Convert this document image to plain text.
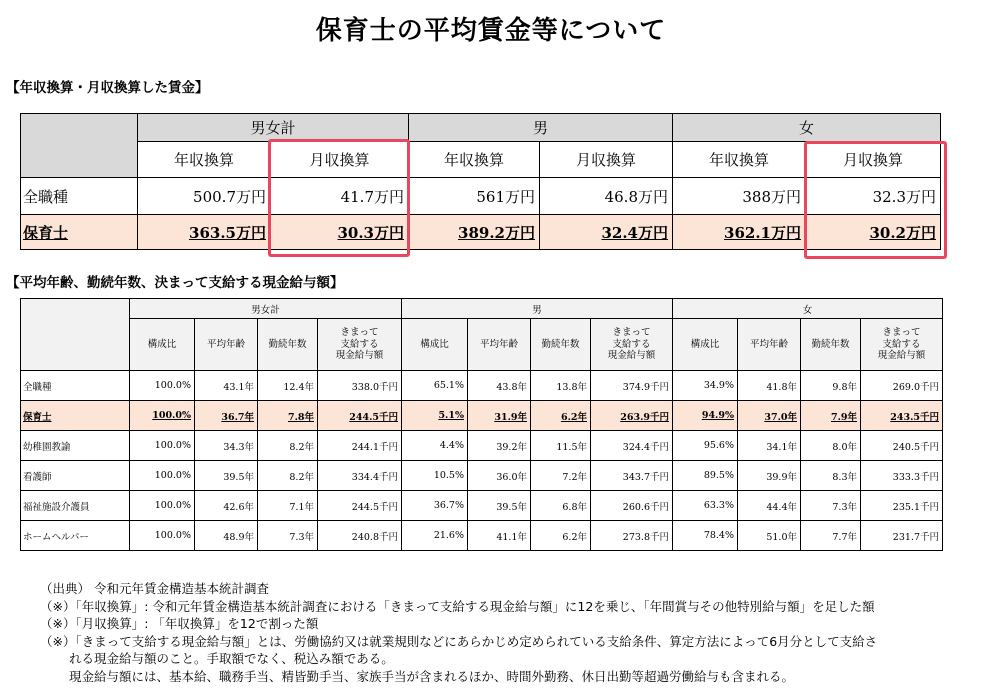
保育士の平均賃金等について
【年収換算・月収換算した賃金】
	男女計		男		女	
	年収換算	月収換算	年収換算	月収換算	年収換算	月収換算
全職種	500.7万円	41.7万円	561万円	46.8万円	388万円	32.3万円
保育士	363.5万円	30.3万円	389.2万円	32.4万円	362.1万円	30.2万円
【平均年齢、勤続年数、決まって支給する現金給与額】
	男女計				男				女			
	構成比	平均年齢	勤続年数	きまって
支給する
現金給与額	構成比	平均年齢	勤続年数	きまって
支給する
現金給与額	構成比	平均年齢	勤続年数	きまって
支給する
現金給与額
全職種	100.0%	43.1年	12.4年	338.0千円	65.1%	43.8年	13.8年	374.9千円	34.9%	41.8年	9.8年	269.0千円
保育士	100.0%	36.7年	7.8年	244.5千円	5.1%	31.9年	6.2年	263.9千円	94.9%	37.0年	7.9年	243.5千円
幼稚園教諭	100.0%	34.3年	8.2年	244.1千円	4.4%	39.2年	11.5年	324.4千円	95.6%	34.1年	8.0年	240.5千円
看護師	100.0%	39.5年	8.2年	334.4千円	10.5%	36.0年	7.2年	343.7千円	89.5%	39.9年	8.3年	333.3千円
福祉施設介護員	100.0%	42.6年	7.1年	244.5千円	36.7%	39.5年	6.8年	260.6千円	63.3%	44.4年	7.3年	235.1千円
ホームヘルパー	100.0%	48.9年	7.3年	240.8千円	21.6%	41.1年	6.2年	273.8千円	78.4%	51.0年	7.7年	231.7千円
（出典） 令和元年賃金構造基本統計調査
（※）「年収換算」: 令和元年賃金構造基本統計調査における「きまって支給する現金給与額」に12を乗じ、「年間賞与その他特別給与額」を足した額
（※）「月収換算」: 「年収換算」を12で割った額
（※）「きまって支給する現金給与額」とは、労働協約又は就業規則などにあらかじめ定められている支給条件、算定方法によって6月分として支給さ
　　 れる現金給与額のこと。手取額でなく、税込み額である。
　　 現金給与額には、基本給、職務手当、精皆勤手当、家族手当が含まれるほか、時間外勤務、休日出勤等超過労働給与も含まれる。
